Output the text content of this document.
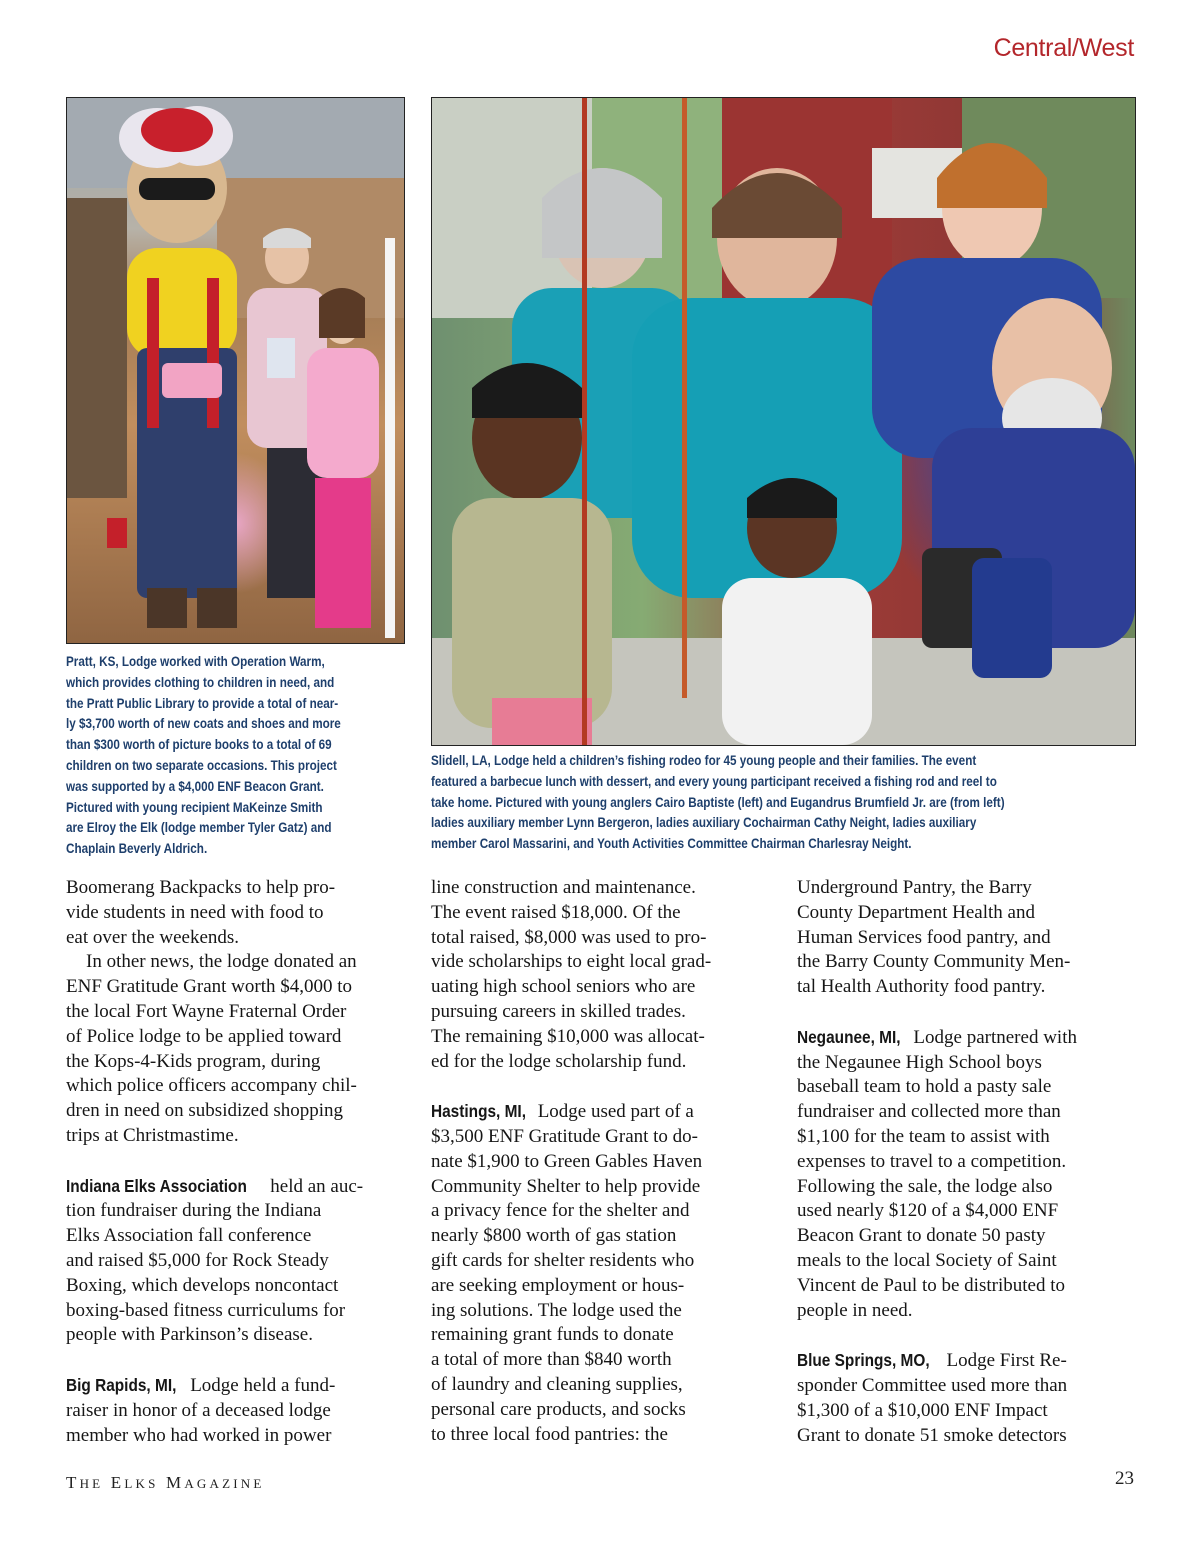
Central/West
Pratt, KS, Lodge worked with Operation Warm,
which provides clothing to children in need, and
the Pratt Public Library to provide a total of near-
ly $3,700 worth of new coats and shoes and more
than $300 worth of picture books to a total of 69
children on two separate occasions. This project
was supported by a $4,000 ENF Beacon Grant.
Pictured with young recipient MaKeinze Smith
are Elroy the Elk (lodge member Tyler Gatz) and
Chaplain Beverly Aldrich.
Slidell, LA, Lodge held a children’s fishing rodeo for 45 young people and their families. The event
featured a barbecue lunch with dessert, and every young participant received a fishing rod and reel to
take home. Pictured with young anglers Cairo Baptiste (left) and Eugandrus Brumfield Jr. are (from left)
ladies auxiliary member Lynn Bergeron, ladies auxiliary Cochairman Cathy Neight, ladies auxiliary
member Carol Massarini, and Youth Activities Committee Chairman Charlesray Neight.

Boomerang Backpacks to help pro-
vide students in need with food to
eat over the weekends.

In other news, the lodge donated an
ENF Gratitude Grant worth $4,000 to
the local Fort Wayne Fraternal Order
of Police lodge to be applied toward
the Kops-4-Kids program, during
which police officers accompany chil-
dren in need on subsidized shopping
trips at Christmastime.

Indiana Elks Association held an auc-
tion fundraiser during the Indiana
Elks Association fall conference
and raised $5,000 for Rock Steady
Boxing, which develops noncontact
boxing-based fitness curriculums for
people with Parkinson’s disease.

Big Rapids, MI, Lodge held a fund-
raiser in honor of a deceased lodge
member who had worked in power

line construction and maintenance.
The event raised $18,000. Of the
total raised, $8,000 was used to pro-
vide scholarships to eight local grad-
uating high school seniors who are
pursuing careers in skilled trades.
The remaining $10,000 was allocat-
ed for the lodge scholarship fund.

Hastings, MI, Lodge used part of a
$3,500 ENF Gratitude Grant to do-
nate $1,900 to Green Gables Haven
Community Shelter to help provide
a privacy fence for the shelter and
nearly $800 worth of gas station
gift cards for shelter residents who
are seeking employment or hous-
ing solutions. The lodge used the
remaining grant funds to donate
a total of more than $840 worth
of laundry and cleaning supplies,
personal care products, and socks
to three local food pantries: the

Underground Pantry, the Barry
County Department Health and
Human Services food pantry, and
the Barry County Community Men-
tal Health Authority food pantry.

Negaunee, MI, Lodge partnered with
the Negaunee High School boys
baseball team to hold a pasty sale
fundraiser and collected more than
$1,100 for the team to assist with
expenses to travel to a competition.
Following the sale, the lodge also
used nearly $120 of a $4,000 ENF
Beacon Grant to donate 50 pasty
meals to the local Society of Saint
Vincent de Paul to be distributed to
people in need.

Blue Springs, MO, Lodge First Re-
sponder Committee used more than
$1,300 of a $10,000 ENF Impact
Grant to donate 51 smoke detectors

THE ELKS MAGAZINE	23
